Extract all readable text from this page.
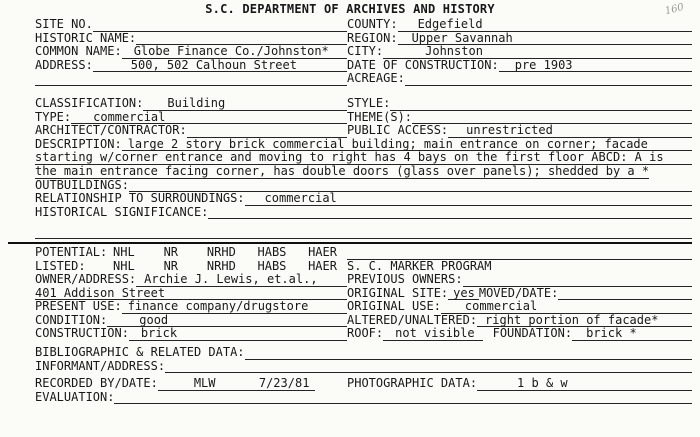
S.C. DEPARTMENT OF ARCHIVES AND HISTORY	160
SITE NO.	COUNTY:	Edgefield
HISTORIC NAME:	REGION:	Upper Savannah
COMMON NAME:	Globe Finance Co./Johnston*	CITY:	Johnston
ADDRESS:	500, 502 Calhoun Street	DATE OF CONSTRUCTION:	pre 1903
ACREAGE:
CLASSIFICATION:	Building	STYLE:
TYPE:	commercial	THEME(S):
ARCHITECT/CONTRACTOR:	PUBLIC ACCESS:	unrestricted
DESCRIPTION: large 2 story brick commercial building; main entrance on corner; facade
starting w/corner entrance and moving to right has 4 bays on the first floor ABCD: A is
the main entrance facing corner, has double doors (glass over panels); shedded by a *
OUTBUILDINGS:
RELATIONSHIP TO SURROUNDINGS:	commercial
HISTORICAL SIGNIFICANCE:
POTENTIAL: NHL    NR    NRHD   HABS   HAER
LISTED:	NHL    NR    NRHD   HABS   HAER S. C. MARKER PROGRAM
OWNER/ADDRESS: Archie J. Lewis, et.al.,	PREVIOUS OWNERS:
401 Addison Street	ORIGINAL SITE: yes MOVED/DATE:
PRESENT USE: finance company/drugstore	ORIGINAL USE:	commercial
CONDITION:	good	ALTERED/UNALTERED: right portion of facade*
CONSTRUCTION:	brick	ROOF:	not visible	FOUNDATION:	brick *
BIBLIOGRAPHIC & RELATED DATA:
INFORMANT/ADDRESS:
RECORDED BY/DATE:	MLW      7/23/81	PHOTOGRAPHIC DATA:	1 b & w
EVALUATION:
